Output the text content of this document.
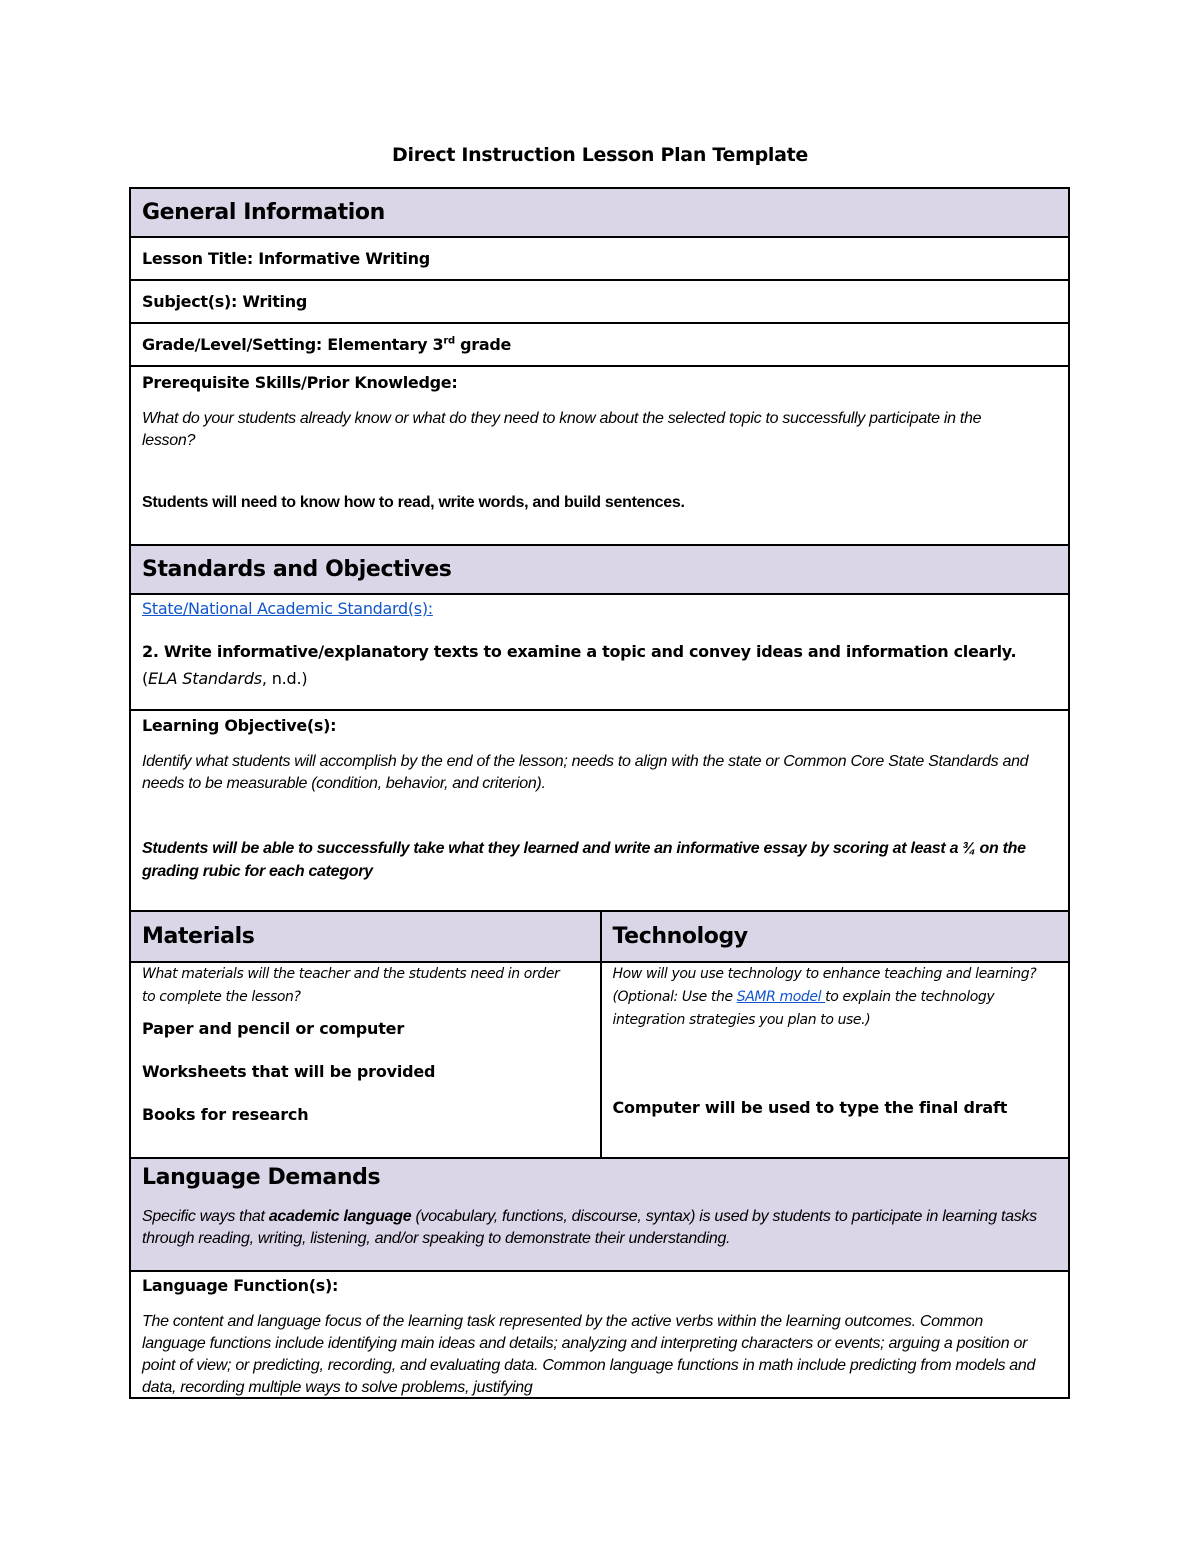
Direct Instruction Lesson Plan Template
General Information
Lesson Title: Informative Writing
Subject(s): Writing
Grade/Level/Setting: Elementary 3rd grade
Prerequisite Skills/Prior Knowledge:
What do your students already know or what do they need to know about the selected topic to successfully participate in the lesson?
Students will need to know how to read, write words, and build sentences.
Standards and Objectives
State/National Academic Standard(s):
2. Write informative/explanatory texts to examine a topic and convey ideas and information clearly.
(ELA Standards, n.d.)
Learning Objective(s):
Identify what students will accomplish by the end of the lesson; needs to align with the state or Common Core State Standards and needs to be measurable (condition, behavior, and criterion).
Students will be able to successfully take what they learned and write an informative essay by scoring at least a ¾ on the grading rubic for each category
Materials	Technology
What materials will the teacher and the students need in order to complete the lesson?
Paper and pencil or computer
Worksheets that will be provided
Books for research
How will you use technology to enhance teaching and learning? (Optional: Use the SAMR model to explain the technology integration strategies you plan to use.)
Computer will be used to type the final draft
Language Demands
Specific ways that academic language (vocabulary, functions, discourse, syntax) is used by students to participate in learning tasks through reading, writing, listening, and/or speaking to demonstrate their understanding.
Language Function(s):
The content and language focus of the learning task represented by the active verbs within the learning outcomes. Common language functions include identifying main ideas and details; analyzing and interpreting characters or events; arguing a position or point of view; or predicting, recording, and evaluating data. Common language functions in math include predicting from models and data, recording multiple ways to solve problems, justifying
